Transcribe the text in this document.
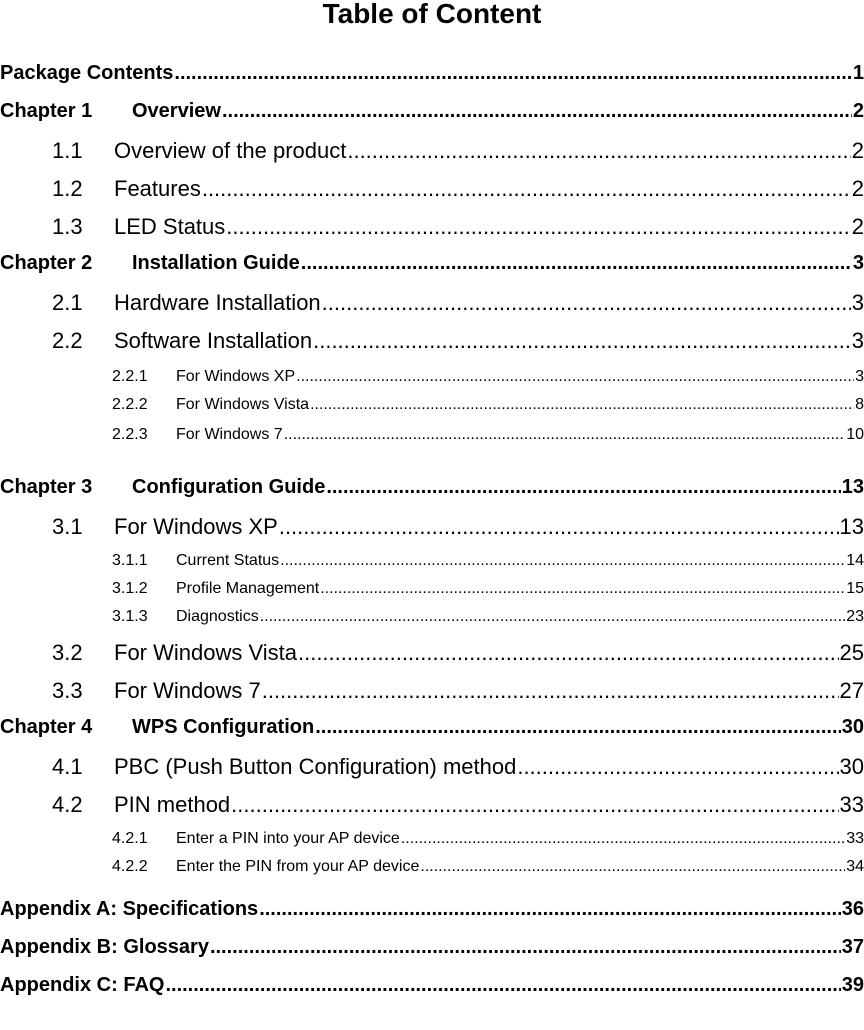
Table of Content
Package Contents .....	1
Chapter 1	Overview .....	2
1.1	Overview of the product .....	2
1.2	Features .....	2
1.3	LED Status .....	2
Chapter 2	Installation Guide .....	3
2.1	Hardware Installation .....	3
2.2	Software Installation .....	3
2.2.1	For Windows XP .....	3
2.2.2	For Windows Vista .....	8
2.2.3	For Windows 7 .....	10
Chapter 3	Configuration Guide .....	13
3.1	For Windows XP .....	13
3.1.1	Current Status .....	14
3.1.2	Profile Management .....	15
3.1.3	Diagnostics .....	23
3.2	For Windows Vista .....	25
3.3	For Windows 7 .....	27
Chapter 4	WPS Configuration .....	30
4.1	PBC (Push Button Configuration) method .....	30
4.2	PIN method .....	33
4.2.1	Enter a PIN into your AP device .....	33
4.2.2	Enter the PIN from your AP device .....	34
Appendix A: Specifications .....	36
Appendix B: Glossary .....	37
Appendix C: FAQ .....	39
